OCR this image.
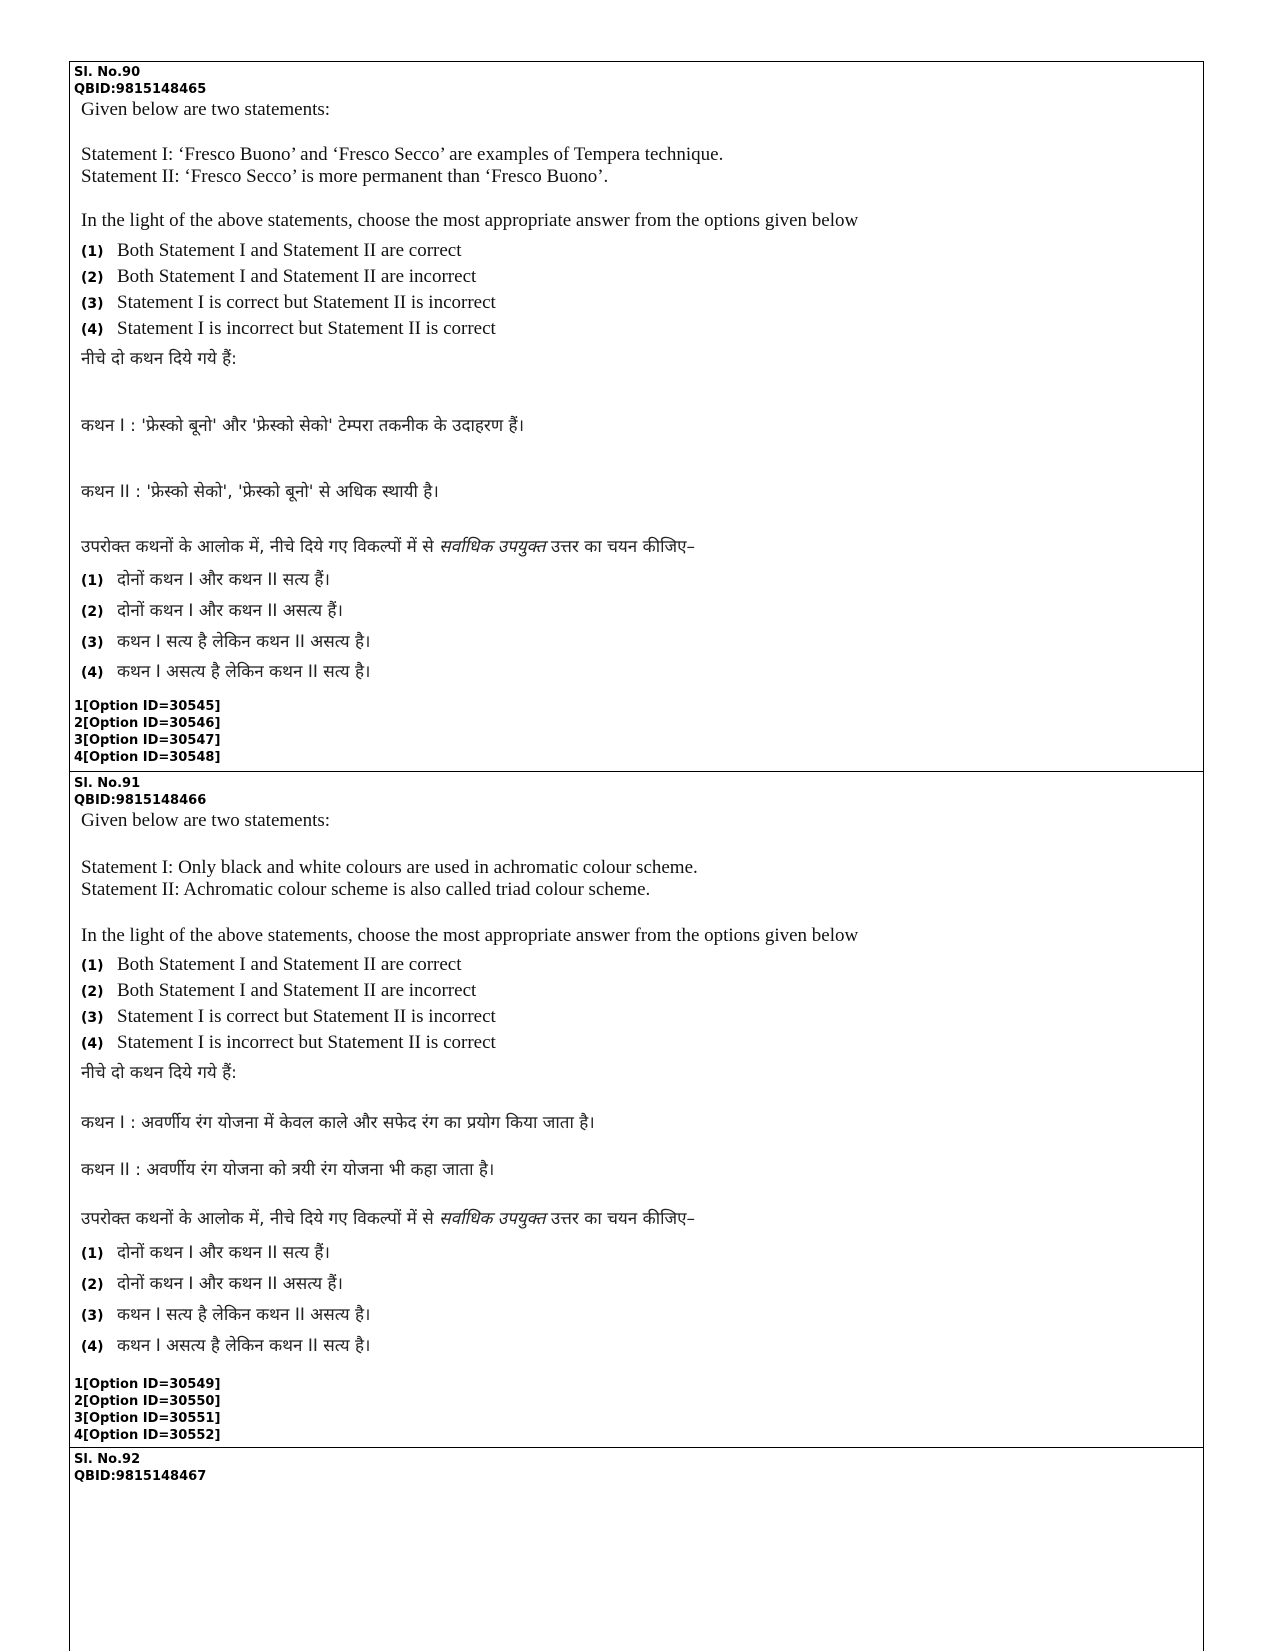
Sl. No.90

QBID:9815148465

Given below are two statements:

Statement I: ‘Fresco Buono’ and ‘Fresco Secco’ are examples of Tempera technique.

Statement II: ‘Fresco Secco’ is more permanent than ‘Fresco Buono’.

In the light of the above statements, choose the most appropriate answer from the options given below

(1) Both Statement I and Statement II are correct

(2) Both Statement I and Statement II are incorrect

(3) Statement I is correct but Statement II is incorrect

(4) Statement I is incorrect but Statement II is correct

नीचे दो कथन दिये गये हैं:

कथन I : 'फ्रेस्को बूनो' और 'फ्रेस्को सेको' टेम्परा तकनीक के उदाहरण हैं।

कथन II : 'फ्रेस्को सेको', 'फ्रेस्को बूनो' से अधिक स्थायी है।

उपरोक्त कथनों के आलोक में, नीचे दिये गए विकल्पों में से सर्वाधिक उपयुक्त उत्तर का चयन कीजिए–

(1) दोनों कथन I और कथन II सत्य हैं।

(2) दोनों कथन I और कथन II असत्य हैं।

(3) कथन I सत्य है लेकिन कथन II असत्य है।

(4) कथन I असत्य है लेकिन कथन II सत्य है।

1[Option ID=30545]

2[Option ID=30546]

3[Option ID=30547]

4[Option ID=30548]

Sl. No.91

QBID:9815148466

Given below are two statements:

Statement I: Only black and white colours are used in achromatic colour scheme.

Statement II: Achromatic colour scheme is also called triad colour scheme.

In the light of the above statements, choose the most appropriate answer from the options given below

(1) Both Statement I and Statement II are correct

(2) Both Statement I and Statement II are incorrect

(3) Statement I is correct but Statement II is incorrect

(4) Statement I is incorrect but Statement II is correct

नीचे दो कथन दिये गये हैं:

कथन I : अवर्णीय रंग योजना में केवल काले और सफेद रंग का प्रयोग किया जाता है।

कथन II : अवर्णीय रंग योजना को त्रयी रंग योजना भी कहा जाता है।

उपरोक्त कथनों के आलोक में, नीचे दिये गए विकल्पों में से सर्वाधिक उपयुक्त उत्तर का चयन कीजिए–

(1) दोनों कथन I और कथन II सत्य हैं।

(2) दोनों कथन I और कथन II असत्य हैं।

(3) कथन I सत्य है लेकिन कथन II असत्य है।

(4) कथन I असत्य है लेकिन कथन II सत्य है।

1[Option ID=30549]

2[Option ID=30550]

3[Option ID=30551]

4[Option ID=30552]

Sl. No.92

QBID:9815148467
